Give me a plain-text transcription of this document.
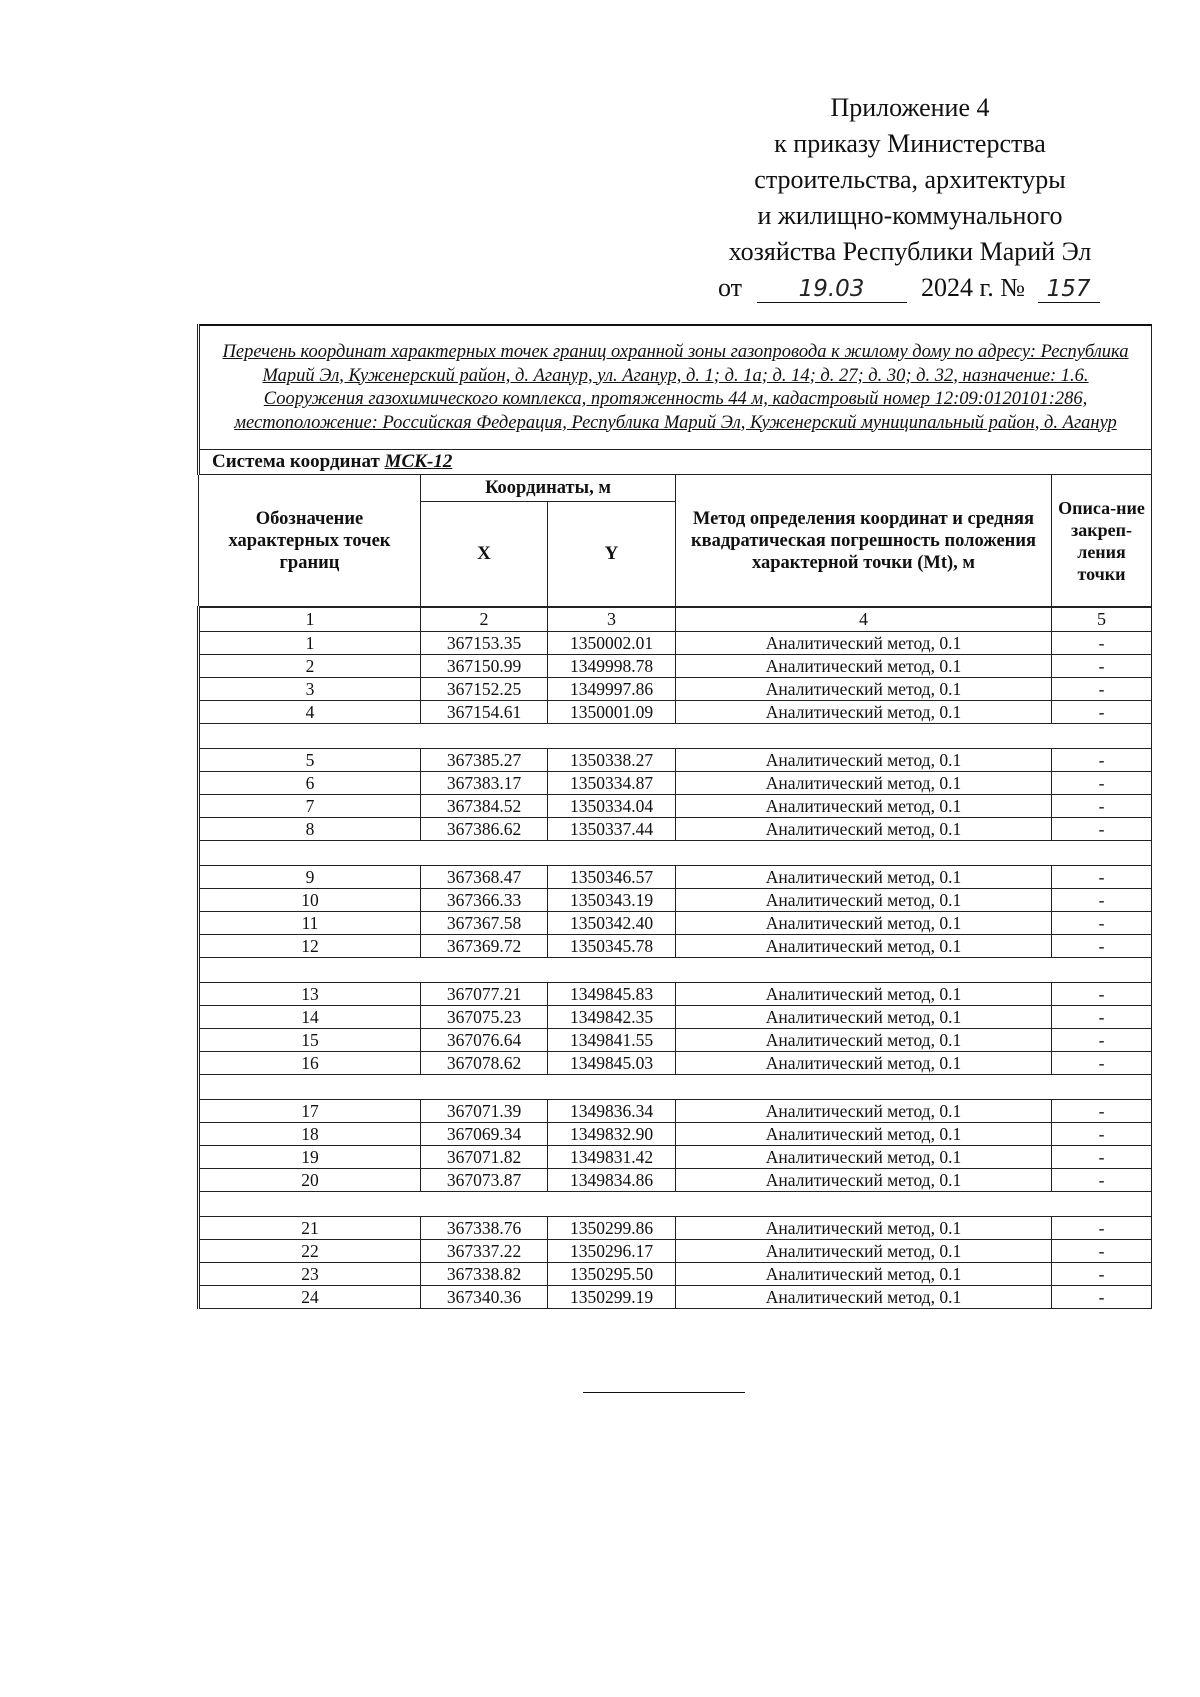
Приложение 4
к приказу Министерства
строительства, архитектуры
и жилищно-коммунального
хозяйства Республики Марий Эл
от 19.03 2024 г. № 157
Перечень координат характерных точек границ охранной зоны газопровода к жилому дому по адресу: Республика Марий Эл, Куженерский район, д. Агануp, ул. Агануp, д. 1; д. 1а; д. 14; д. 27; д. 30; д. 32, назначение: 1.6. Сооружения газохимического комплекса, протяженность 44 м, кадастровый номер 12:09:0120101:286, местоположение: Российская Федерация, Республика Марий Эл, Куженерский муниципальный район, д. Аганур				
Система координат МСК-12				
Обозначение характерных точек границ	Координаты, м		Метод определения координат и средняя квадратическая погрешность положения характерной точки (Mt), м	Описа-ние закреп-ления точки
	X	Y		
1	2	3	4	5
1	367153.35	1350002.01	Аналитический метод, 0.1	-
2	367150.99	1349998.78	Аналитический метод, 0.1	-
3	367152.25	1349997.86	Аналитический метод, 0.1	-
4	367154.61	1350001.09	Аналитический метод, 0.1	-

5	367385.27	1350338.27	Аналитический метод, 0.1	-
6	367383.17	1350334.87	Аналитический метод, 0.1	-
7	367384.52	1350334.04	Аналитический метод, 0.1	-
8	367386.62	1350337.44	Аналитический метод, 0.1	-

9	367368.47	1350346.57	Аналитический метод, 0.1	-
10	367366.33	1350343.19	Аналитический метод, 0.1	-
11	367367.58	1350342.40	Аналитический метод, 0.1	-
12	367369.72	1350345.78	Аналитический метод, 0.1	-

13	367077.21	1349845.83	Аналитический метод, 0.1	-
14	367075.23	1349842.35	Аналитический метод, 0.1	-
15	367076.64	1349841.55	Аналитический метод, 0.1	-
16	367078.62	1349845.03	Аналитический метод, 0.1	-

17	367071.39	1349836.34	Аналитический метод, 0.1	-
18	367069.34	1349832.90	Аналитический метод, 0.1	-
19	367071.82	1349831.42	Аналитический метод, 0.1	-
20	367073.87	1349834.86	Аналитический метод, 0.1	-

21	367338.76	1350299.86	Аналитический метод, 0.1	-
22	367337.22	1350296.17	Аналитический метод, 0.1	-
23	367338.82	1350295.50	Аналитический метод, 0.1	-
24	367340.36	1350299.19	Аналитический метод, 0.1	-
